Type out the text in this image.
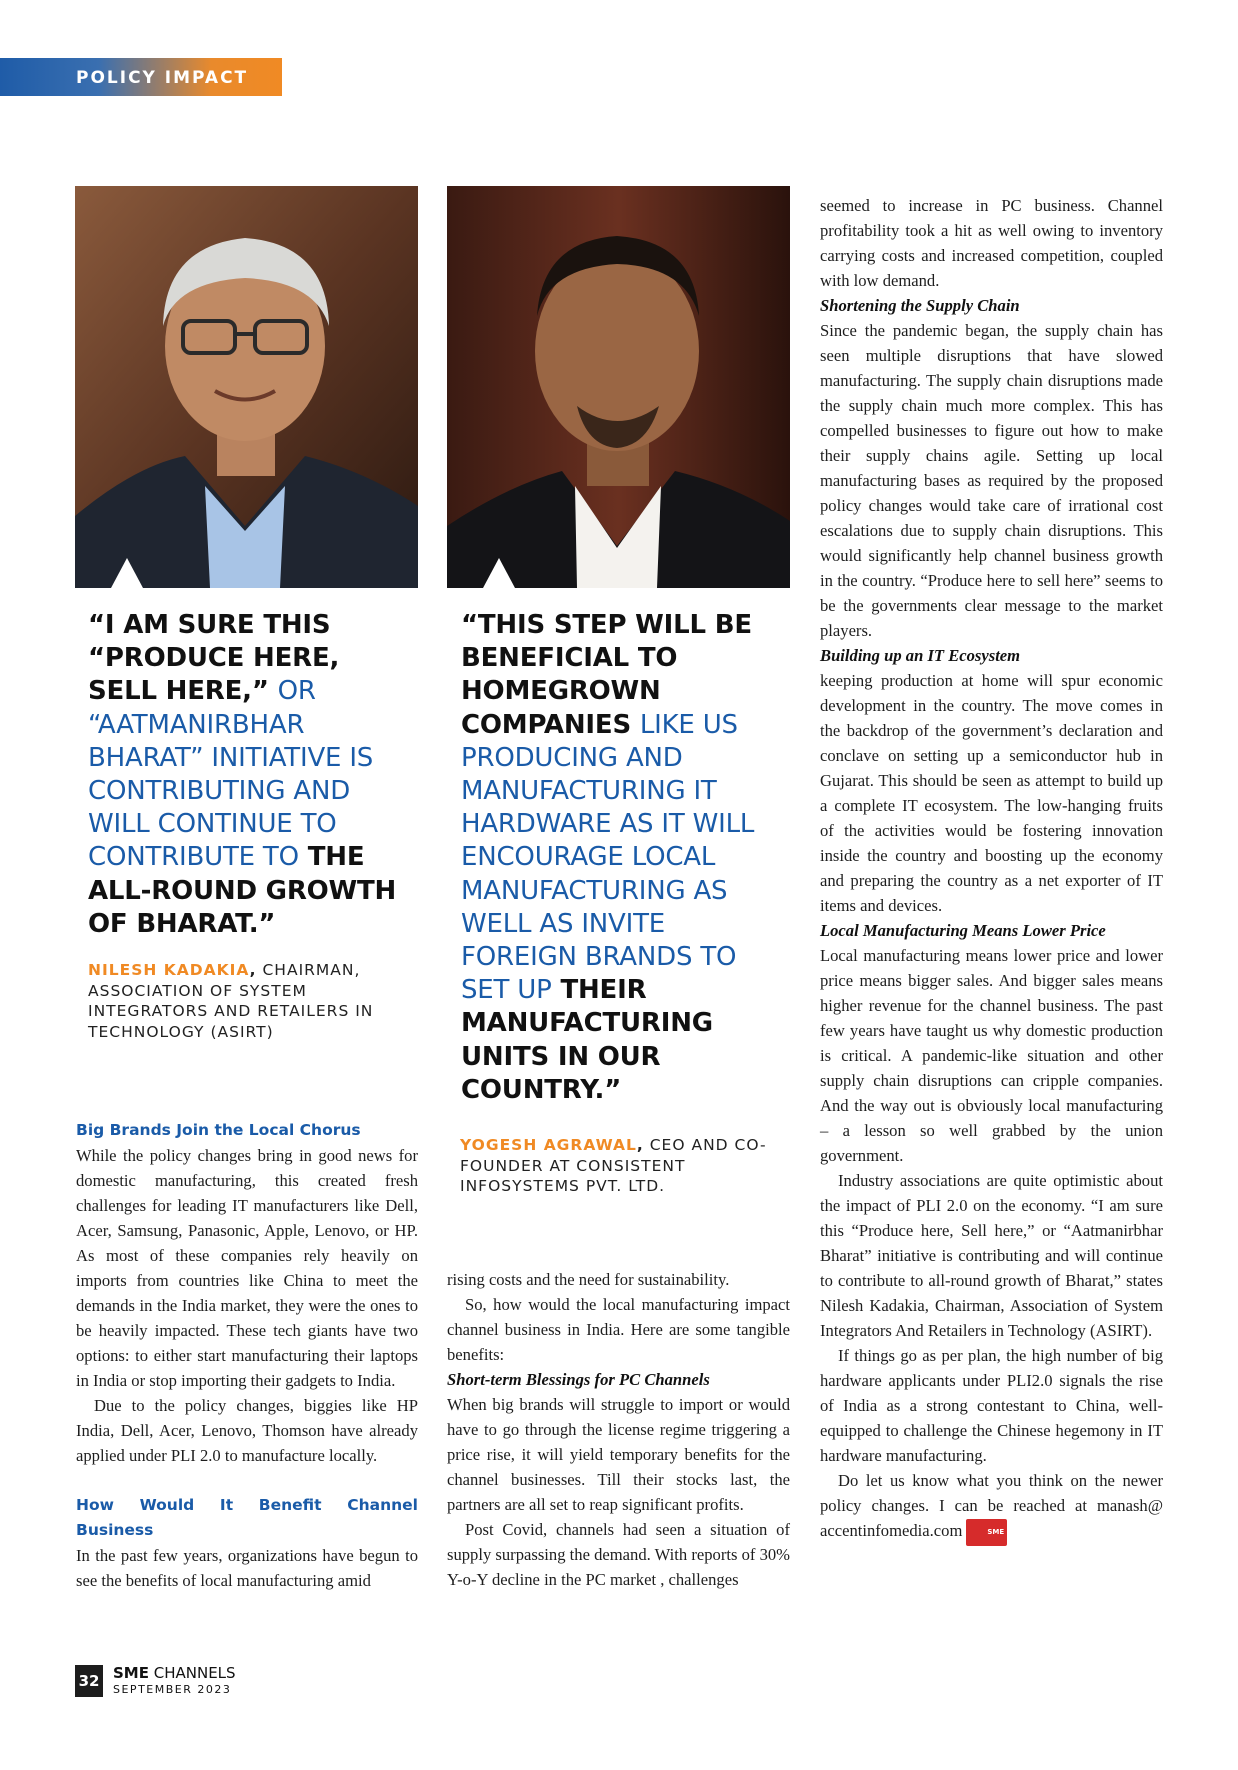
POLICY IMPACT
“I AM SURE THIS “PRODUCE HERE, SELL HERE,” OR “AATMANIRBHAR BHARAT” INITIATIVE IS CONTRIBUTING AND WILL CONTINUE TO CONTRIBUTE TO THE ALL-ROUND GROWTH OF BHARAT.”
NILESH KADAKIA, CHAIRMAN, ASSOCIATION OF SYSTEM INTEGRATORS AND RETAILERS IN TECHNOLOGY (ASIRT)
“THIS STEP WILL BE BENEFICIAL TO HOMEGROWN COMPANIES LIKE US PRODUCING AND MANUFACTURING IT HARDWARE AS IT WILL ENCOURAGE LOCAL MANUFACTURING AS WELL AS INVITE FOREIGN BRANDS TO SET UP THEIR MANUFACTURING UNITS IN OUR COUNTRY.”
YOGESH AGRAWAL, CEO AND CO-FOUNDER AT CONSISTENT INFOSYSTEMS PVT. LTD.
Big Brands Join the Local Chorus

While the policy changes bring in good news for domestic manufacturing, this created fresh challenges for leading IT manufacturers like Dell, Acer, Samsung, Panasonic, Apple, Lenovo, or HP. As most of these companies rely heavily on imports from countries like China to meet the demands in the India market, they were the ones to be heavily impacted. These tech giants have two options: to either start manufacturing their laptops in India or stop importing their gadgets to India.

Due to the policy changes, biggies like HP India, Dell, Acer, Lenovo, Thomson have already applied under PLI 2.0 to manufacture locally.

How Would It Benefit Channel Business

In the past few years, organizations have begun to see the benefits of local manufacturing amid

rising costs and the need for sustainability.

So, how would the local manufacturing impact channel business in India. Here are some tangible benefits:

Short-term Blessings for PC Channels

When big brands will struggle to import or would have to go through the license regime triggering a price rise, it will yield temporary benefits for the channel businesses. Till their stocks last, the partners are all set to reap significant profits.

Post Covid, channels had seen a situation of supply surpassing the demand. With reports of 30% Y-o-Y decline in the PC market , challenges

seemed to increase in PC business. Channel profitability took a hit as well owing to inventory carrying costs and increased competition, coupled with low demand.

Shortening the Supply Chain

Since the pandemic began, the supply chain has seen multiple disruptions that have slowed manufacturing. The supply chain disruptions made the supply chain much more complex. This has compelled businesses to figure out how to make their supply chains agile. Setting up local manufacturing bases as required by the proposed policy changes would take care of irrational cost escalations due to supply chain disruptions. This would significantly help channel business growth in the country. “Produce here to sell here” seems to be the governments clear message to the market players.

Building up an IT Ecosystem

keeping production at home will spur economic development in the country. The move comes in the backdrop of the government’s declaration and conclave on setting up a semiconductor hub in Gujarat. This should be seen as attempt to build up a complete IT ecosystem. The low-hanging fruits of the activities would be fostering innovation inside the country and boosting up the economy and preparing the country as a net exporter of IT items and devices.

Local Manufacturing Means Lower Price

Local manufacturing means lower price and lower price means bigger sales. And bigger sales means higher revenue for the channel business. The past few years have taught us why domestic production is critical. A pandemic-like situation and other supply chain disruptions can cripple companies. And the way out is obviously local manufacturing – a lesson so well grabbed by the union government.

Industry associations are quite optimistic about the impact of PLI 2.0 on the economy. “I am sure this “Produce here, Sell here,” or “Aatmanirbhar Bharat” initiative is contributing and will continue to contribute to all-round growth of Bharat,” states Nilesh Kadakia, Chairman, Association of System Integrators And Retailers in Technology (ASIRT).

If things go as per plan, the high number of big hardware applicants under PLI2.0 signals the rise of India as a strong contestant to China, well-equipped to challenge the Chinese hegemony in IT hardware manufacturing.

Do let us know what you think on the newer policy changes. I can be reached at manash@ accentinfomedia.com	SME

32 SME CHANNELS
SEPTEMBER 2023
